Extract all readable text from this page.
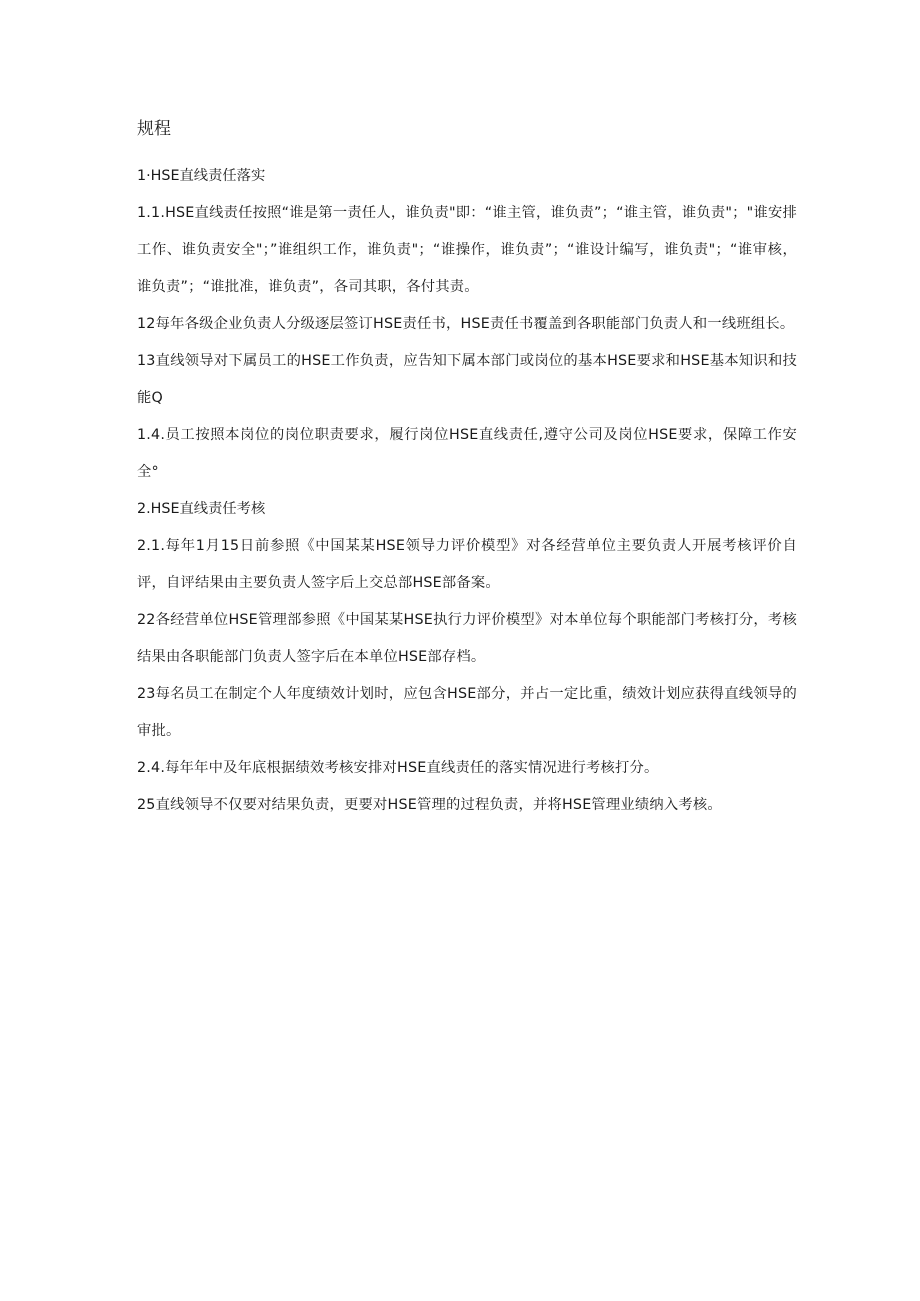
规程

1·HSE直线责任落实

1.1.HSE直线责任按照“谁是第一责任人，谁负责"即：“谁主管，谁负责”；“谁主管，谁负责"；"谁安排工作、谁负责安全"；”谁组织工作，谁负责"；“谁操作，谁负责”；“谁设计编写，谁负责"；“谁审核，谁负责”；“谁批准，谁负责”，各司其职，各付其责。

12每年各级企业负责人分级逐层签订HSE责任书，HSE责任书覆盖到各职能部门负责人和一线班组长。

13直线领导对下属员工的HSE工作负责，应告知下属本部门或岗位的基本HSE要求和HSE基本知识和技能Q

1.4.员工按照本岗位的岗位职责要求，履行岗位HSE直线责任,遵守公司及岗位HSE要求，保障工作安全°

2.HSE直线责任考核

2.1.每年1月15日前参照《中国某某HSE领导力评价模型》对各经营单位主要负责人开展考核评价自评，自评结果由主要负责人签字后上交总部HSE部备案。

22各经营单位HSE管理部参照《中国某某HSE执行力评价模型》对本单位每个职能部门考核打分，考核结果由各职能部门负责人签字后在本单位HSE部存档。

23每名员工在制定个人年度绩效计划时，应包含HSE部分，并占一定比重，绩效计划应获得直线领导的审批。

2.4.每年年中及年底根据绩效考核安排对HSE直线责任的落实情况进行考核打分。

25直线领导不仅要对结果负责，更要对HSE管理的过程负责，并将HSE管理业绩纳入考核。
